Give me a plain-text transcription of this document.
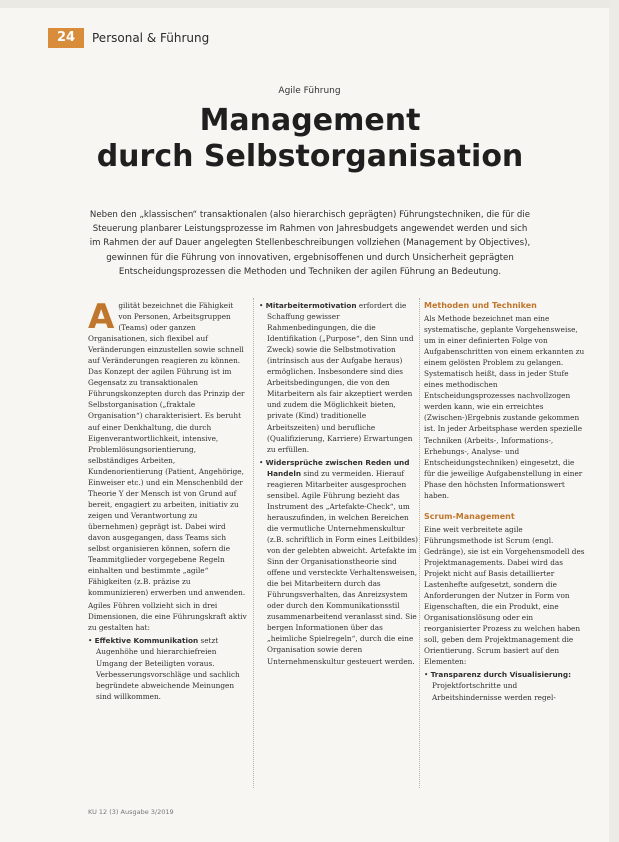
24	Personal & Führung
Agile Führung
Management
durch Selbstorganisation
Neben den „klassischen“ transaktionalen (also hierarchisch geprägten) Führungstechniken, die für die Steuerung planbarer Leistungsprozesse im Rahmen von Jahresbudgets angewendet werden und sich im Rahmen der auf Dauer angelegten Stellenbeschreibungen vollziehen (Management by Objectives), gewinnen für die Führung von innovativen, ergebnisoffenen und durch Unsicherheit geprägten Entscheidungsprozessen die Methoden und Techniken der agilen Führung an Bedeutung.

Agilität bezeichnet die Fähigkeit von Personen, Arbeitsgruppen (Teams) oder ganzen Organisationen, sich flexibel auf Veränderungen einzustellen sowie schnell auf Veränderungen reagieren zu können. Das Konzept der agilen Führung ist im Gegensatz zu transaktionalen Führungskonzepten durch das Prinzip der Selbstorganisation („fraktale Organisation“) charakterisiert. Es beruht auf einer Denkhaltung, die durch Eigenverantwortlichkeit, intensive, Problemlösungsorientierung, selbständiges Arbeiten, Kundenorientierung (Patient, Angehörige, Einweiser etc.) und ein Menschenbild der Theorie Y der Mensch ist von Grund auf bereit, engagiert zu arbeiten, initiativ zu zeigen und Verantwortung zu übernehmen) geprägt ist. Dabei wird davon ausgegangen, dass Teams sich selbst organisieren können, sofern die Teammitglieder vorgegebene Regeln einhalten und bestimmte „agile“ Fähigkeiten (z.B. präzise zu kommunizieren) erwerben und anwenden.

Agiles Führen vollzieht sich in drei Dimensionen, die eine Führungskraft aktiv zu gestalten hat:

• Effektive Kommunikation setzt Augenhöhe und hierarchiefreien Umgang der Beteiligten voraus. Verbesserungsvorschläge und sachlich begründete abweichende Meinungen sind willkommen.

• Mitarbeitermotivation erfordert die Schaffung gewisser Rahmenbedingungen, die die Identifikation („Purpose“, den Sinn und Zweck) sowie die Selbstmotivation (intrinsisch aus der Aufgabe heraus) ermöglichen. Insbesondere sind dies Arbeitsbedingungen, die von den Mitarbeitern als fair akzeptiert werden und zudem die Möglichkeit bieten, private (Kind) traditionelle Arbeitszeiten) und berufliche (Qualifizierung, Karriere) Erwartungen zu erfüllen.

• Widersprüche zwischen Reden und Handeln sind zu vermeiden. Hierauf reagieren Mitarbeiter ausgesprochen sensibel. Agile Führung bezieht das Instrument des „Artefakte-Check“, um herauszufinden, in welchen Bereichen die vermutliche Unternehmenskultur (z.B. schriftlich in Form eines Leitbildes) von der gelebten abweicht. Artefakte im Sinn der Organisationstheorie sind offene und versteckte Verhaltensweisen, die bei Mitarbeitern durch das Führungsverhalten, das Anreizsystem oder durch den Kommunikationsstil zusammenarbeitend veranlasst sind. Sie bergen Informationen über das „heimliche Spielregeln“, durch die eine Organisation sowie deren Unternehmenskultur gesteuert werden.

Methoden und Techniken

Als Methode bezeichnet man eine systematische, geplante Vorgehensweise, um in einer definierten Folge von Aufgabenschritten von einem erkannten zu einem gelösten Problem zu gelangen. Systematisch heißt, dass in jeder Stufe eines methodischen Entscheidungsprozesses nachvollzogen werden kann, wie ein erreichtes (Zwischen-)Ergebnis zustande gekommen ist. In jeder Arbeitsphase werden spezielle Techniken (Arbeits-, Informations-, Erhebungs-, Analyse- und Entscheidungstechniken) eingesetzt, die für die jeweilige Aufgabenstellung in einer Phase den höchsten Informationswert haben.

Scrum-Management

Eine weit verbreitete agile Führungsmethode ist Scrum (engl. Gedränge), sie ist ein Vorgehensmodell des Projektmanagements. Dabei wird das Projekt nicht auf Basis detaillierter Lastenhefte aufgesetzt, sondern die Anforderungen der Nutzer in Form von Eigenschaften, die ein Produkt, eine Organisationslösung oder ein reorganisierter Prozess zu welchen haben soll, geben dem Projektmanagement die Orientierung. Scrum basiert auf den Elementen:

• Transparenz durch Visualisierung: Projektfortschritte und Arbeitshindernisse werden regel-

KU 12 (3) Ausgabe 3/2019
